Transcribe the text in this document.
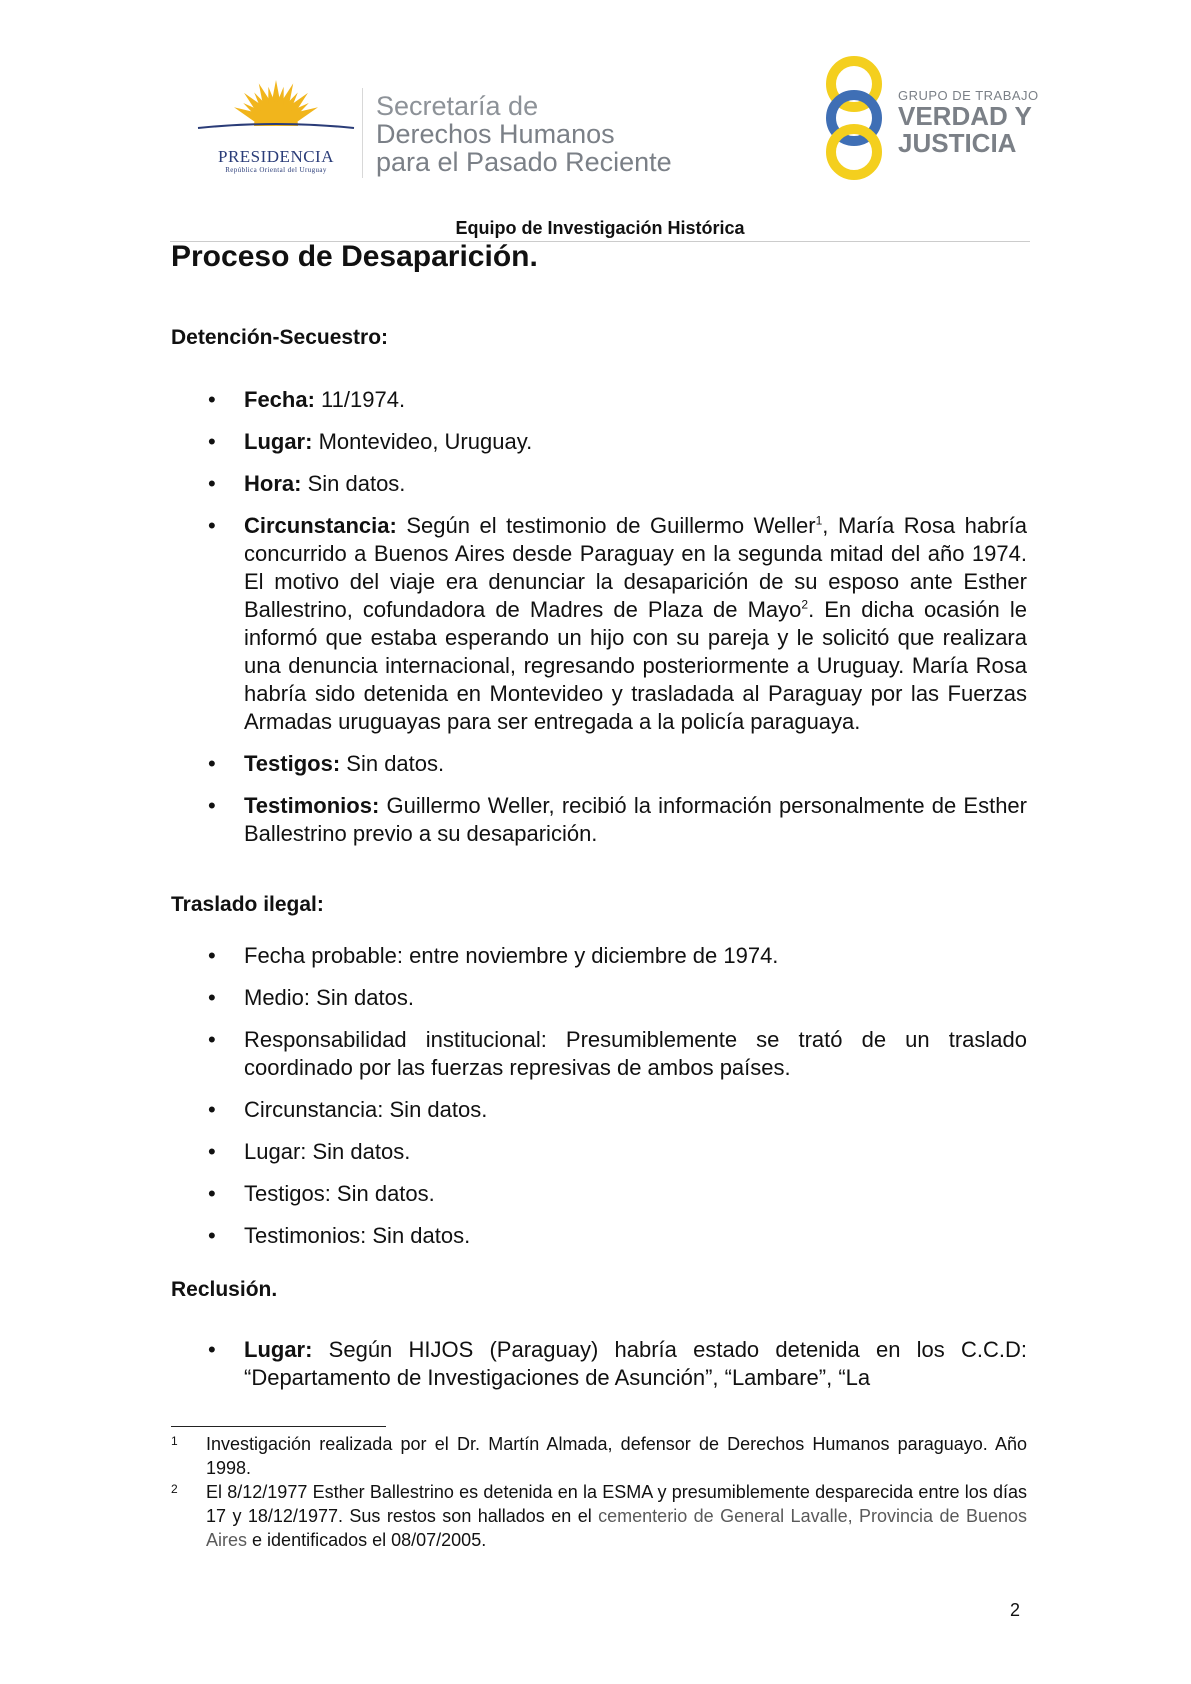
PRESIDENCIA
República Oriental del Uruguay
Secretaría de
Derechos Humanos
para el Pasado Reciente
GRUPO DE TRABAJO
VERDAD Y
JUSTICIA
Equipo de Investigación Histórica
Proceso de Desaparición.
Detención-Secuestro:
• Fecha: 11/1974.
• Lugar: Montevideo, Uruguay.
• Hora: Sin datos.
• Circunstancia: Según el testimonio de Guillermo Weller$^1$, María Rosa habría concurrido a Buenos Aires desde Paraguay en la segunda mitad del año 1974. El motivo del viaje era denunciar la desaparición de su esposo ante Esther Ballestrino, cofundadora de Madres de Plaza de Mayo$^2$. En dicha ocasión le informó que estaba esperando un hijo con su pareja y le solicitó que realizara una denuncia internacional, regresando posteriormente a Uruguay. María Rosa habría sido detenida en Montevideo y trasladada al Paraguay por las Fuerzas Armadas uruguayas para ser entregada a la policía paraguaya.
• Testigos: Sin datos.
• Testimonios: Guillermo Weller, recibió la información personalmente de Esther Ballestrino previo a su desaparición.
Traslado ilegal:
• Fecha probable: entre noviembre y diciembre de 1974.
• Medio: Sin datos.
• Responsabilidad institucional: Presumiblemente se trató de un traslado coordinado por las fuerzas represivas de ambos países.
• Circunstancia: Sin datos.
• Lugar: Sin datos.
• Testigos: Sin datos.
• Testimonios: Sin datos.
Reclusión.
• Lugar: Según HIJOS (Paraguay) habría estado detenida en los C.C.D: “Departamento de Investigaciones de Asunción”, “Lambare”, “La
1 Investigación realizada por el Dr. Martín Almada, defensor de Derechos Humanos paraguayo. Año 1998.
2 El 8/12/1977 Esther Ballestrino es detenida en la ESMA y presumiblemente desparecida entre los días 17 y 18/12/1977. Sus restos son hallados en el cementerio de General Lavalle, Provincia de Buenos Aires e identificados el 08/07/2005.
2
